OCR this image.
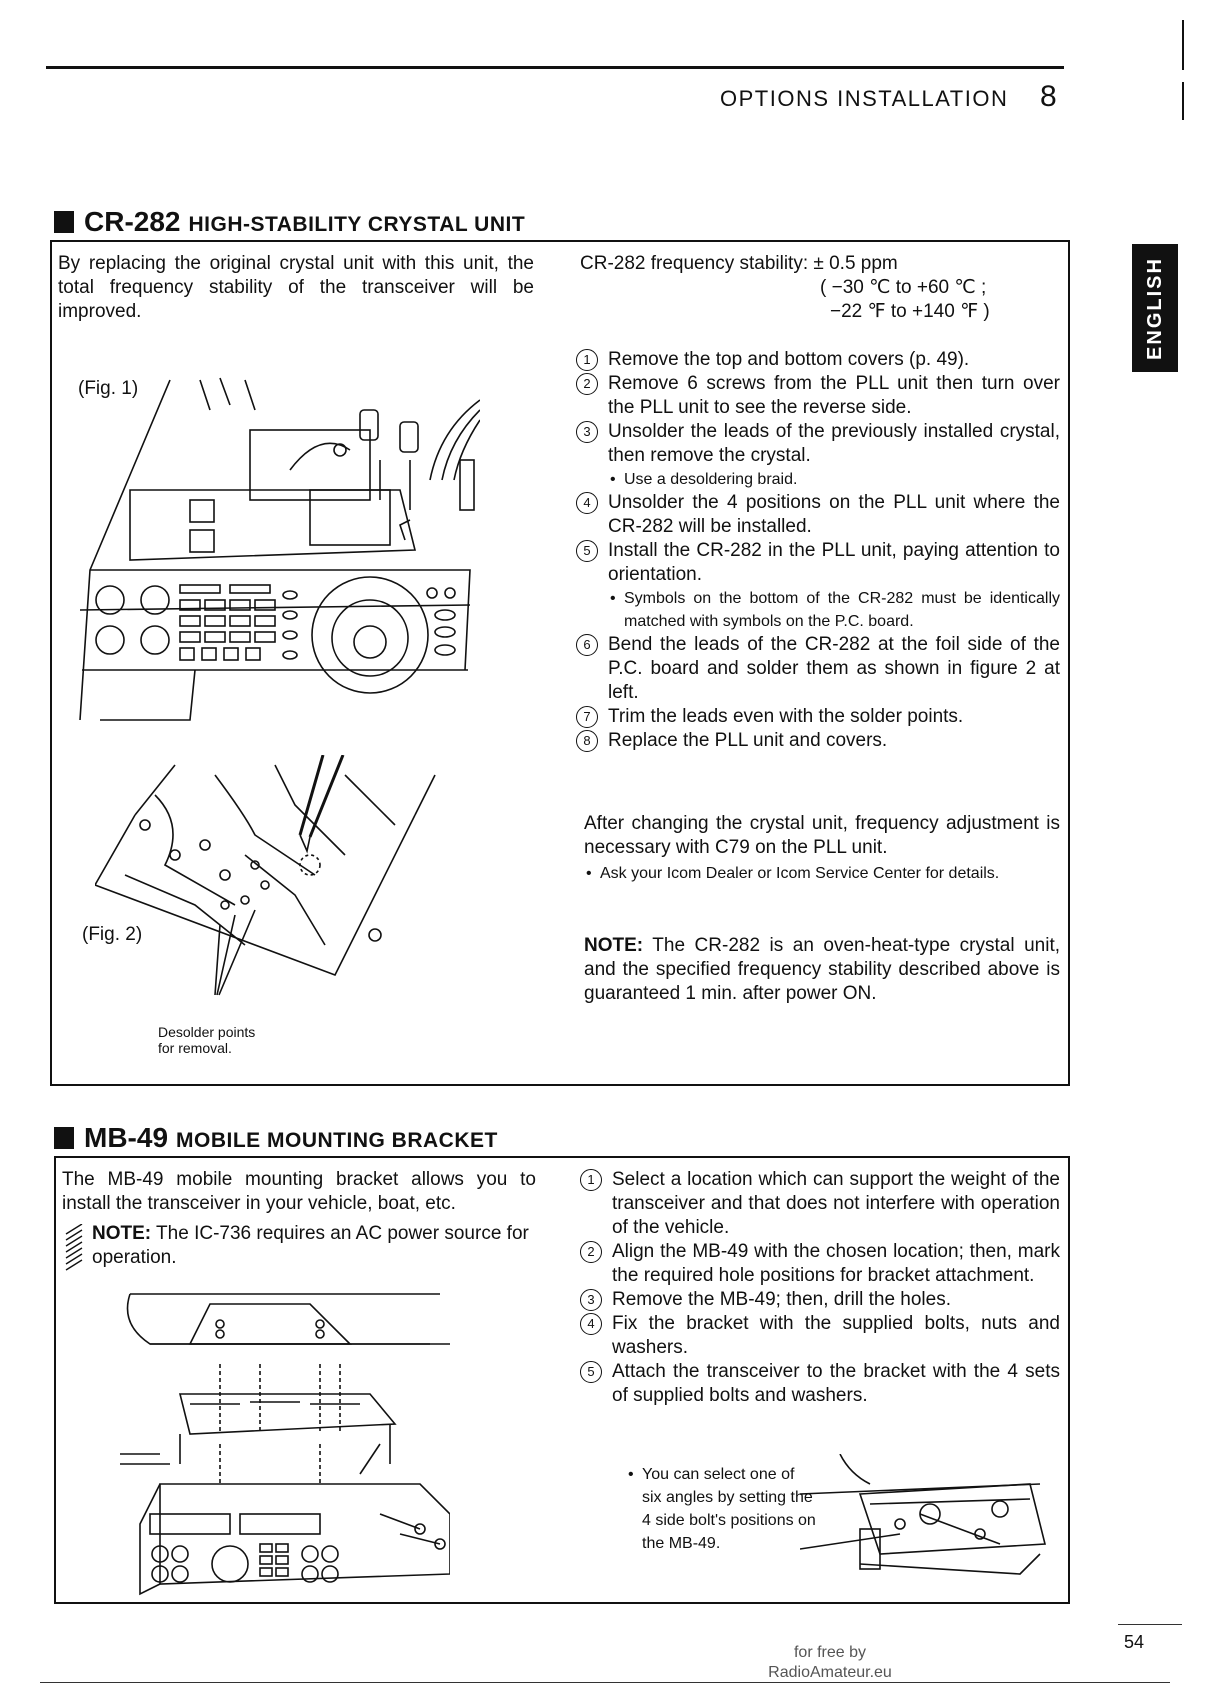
OPTIONS INSTALLATION 8
ENGLISH
CR-282 HIGH-STABILITY CRYSTAL UNIT
By replacing the original crystal unit with this unit, the total frequency stability of the transceiver will be improved.
(Fig. 1)
(Fig. 2)
Desolder points
for removal.
CR-282 frequency stability: ± 0.5 ppm
( −30 ℃ to +60 ℃ ;
−22 ℉ to +140 ℉ )
1 Remove the top and bottom covers (p. 49).
2 Remove 6 screws from the PLL unit then turn over the PLL unit to see the reverse side.
3 Unsolder the leads of the previously installed crystal, then remove the crystal.
• Use a desoldering braid.
4 Unsolder the 4 positions on the PLL unit where the CR-282 will be installed.
5 Install the CR-282 in the PLL unit, paying attention to orientation.
• Symbols on the bottom of the CR-282 must be identically matched with symbols on the P.C. board.
6 Bend the leads of the CR-282 at the foil side of the P.C. board and solder them as shown in figure 2 at left.
7 Trim the leads even with the solder points.
8 Replace the PLL unit and covers.
After changing the crystal unit, frequency adjustment is necessary with C79 on the PLL unit.
• Ask your Icom Dealer or Icom Service Center for details.
NOTE: The CR-282 is an oven-heat-type crystal unit, and the specified frequency stability described above is guaranteed 1 min. after power ON.
MB-49 MOBILE MOUNTING BRACKET
The MB-49 mobile mounting bracket allows you to install the transceiver in your vehicle, boat, etc.
NOTE: The IC-736 requires an AC power source for operation.
1 Select a location which can support the weight of the transceiver and that does not interfere with operation of the vehicle.
2 Align the MB-49 with the chosen location; then, mark the required hole positions for bracket attachment.
3 Remove the MB-49; then, drill the holes.
4 Fix the bracket with the supplied bolts, nuts and washers.
5 Attach the transceiver to the bracket with the 4 sets of supplied bolts and washers.
• You can select one of six angles by setting the 4 side bolt's positions on the MB-49.
54
for free by
RadioAmateur.eu
